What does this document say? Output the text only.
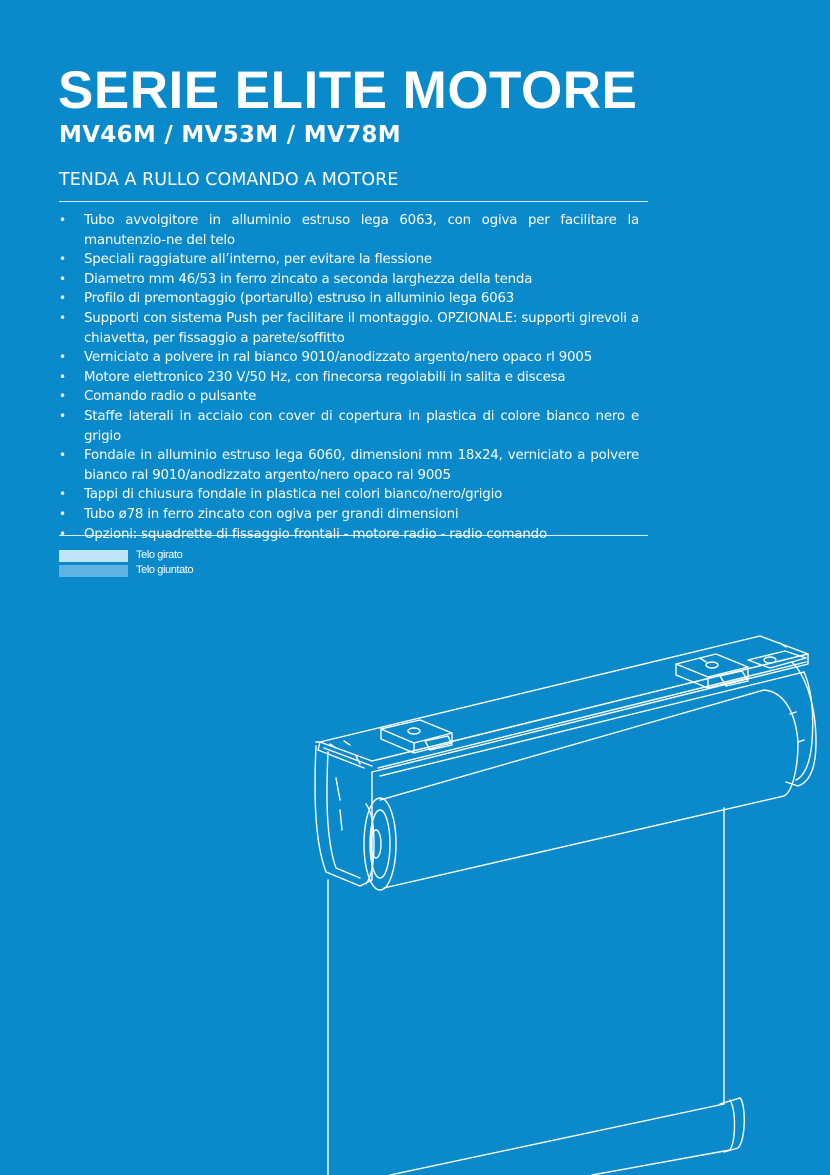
SERIE ELITE MOTORE
MV46M / MV53M / MV78M
TENDA A RULLO COMANDO A MOTORE
• Tubo avvolgitore in alluminio estruso lega 6063, con ogiva per facilitare la manutenzio-ne del telo
• Speciali raggiature all’interno, per evitare la flessione
• Diametro mm 46/53 in ferro zincato a seconda larghezza della tenda
• Profilo di premontaggio (portarullo) estruso in alluminio lega 6063
• Supporti con sistema Push per facilitare il montaggio. OPZIONALE: supporti girevoli a chiavetta, per fissaggio a parete/soffitto
• Verniciato a polvere in ral bianco 9010/anodizzato argento/nero opaco rl 9005
• Motore elettronico 230 V/50 Hz, con finecorsa regolabili in salita e discesa
• Comando radio o pulsante
• Staffe laterali in acciaio con cover di copertura in plastica di colore bianco nero e grigio
• Fondale in alluminio estruso lega 6060, dimensioni mm 18x24, verniciato a polvere bianco ral 9010/anodizzato argento/nero opaco ral 9005
• Tappi di chiusura fondale in plastica nei colori bianco/nero/grigio
• Tubo ø78 in ferro zincato con ogiva per grandi dimensioni
• Opzioni: squadrette di fissaggio frontali - motore radio - radio comando
Telo girato
Telo giuntato
